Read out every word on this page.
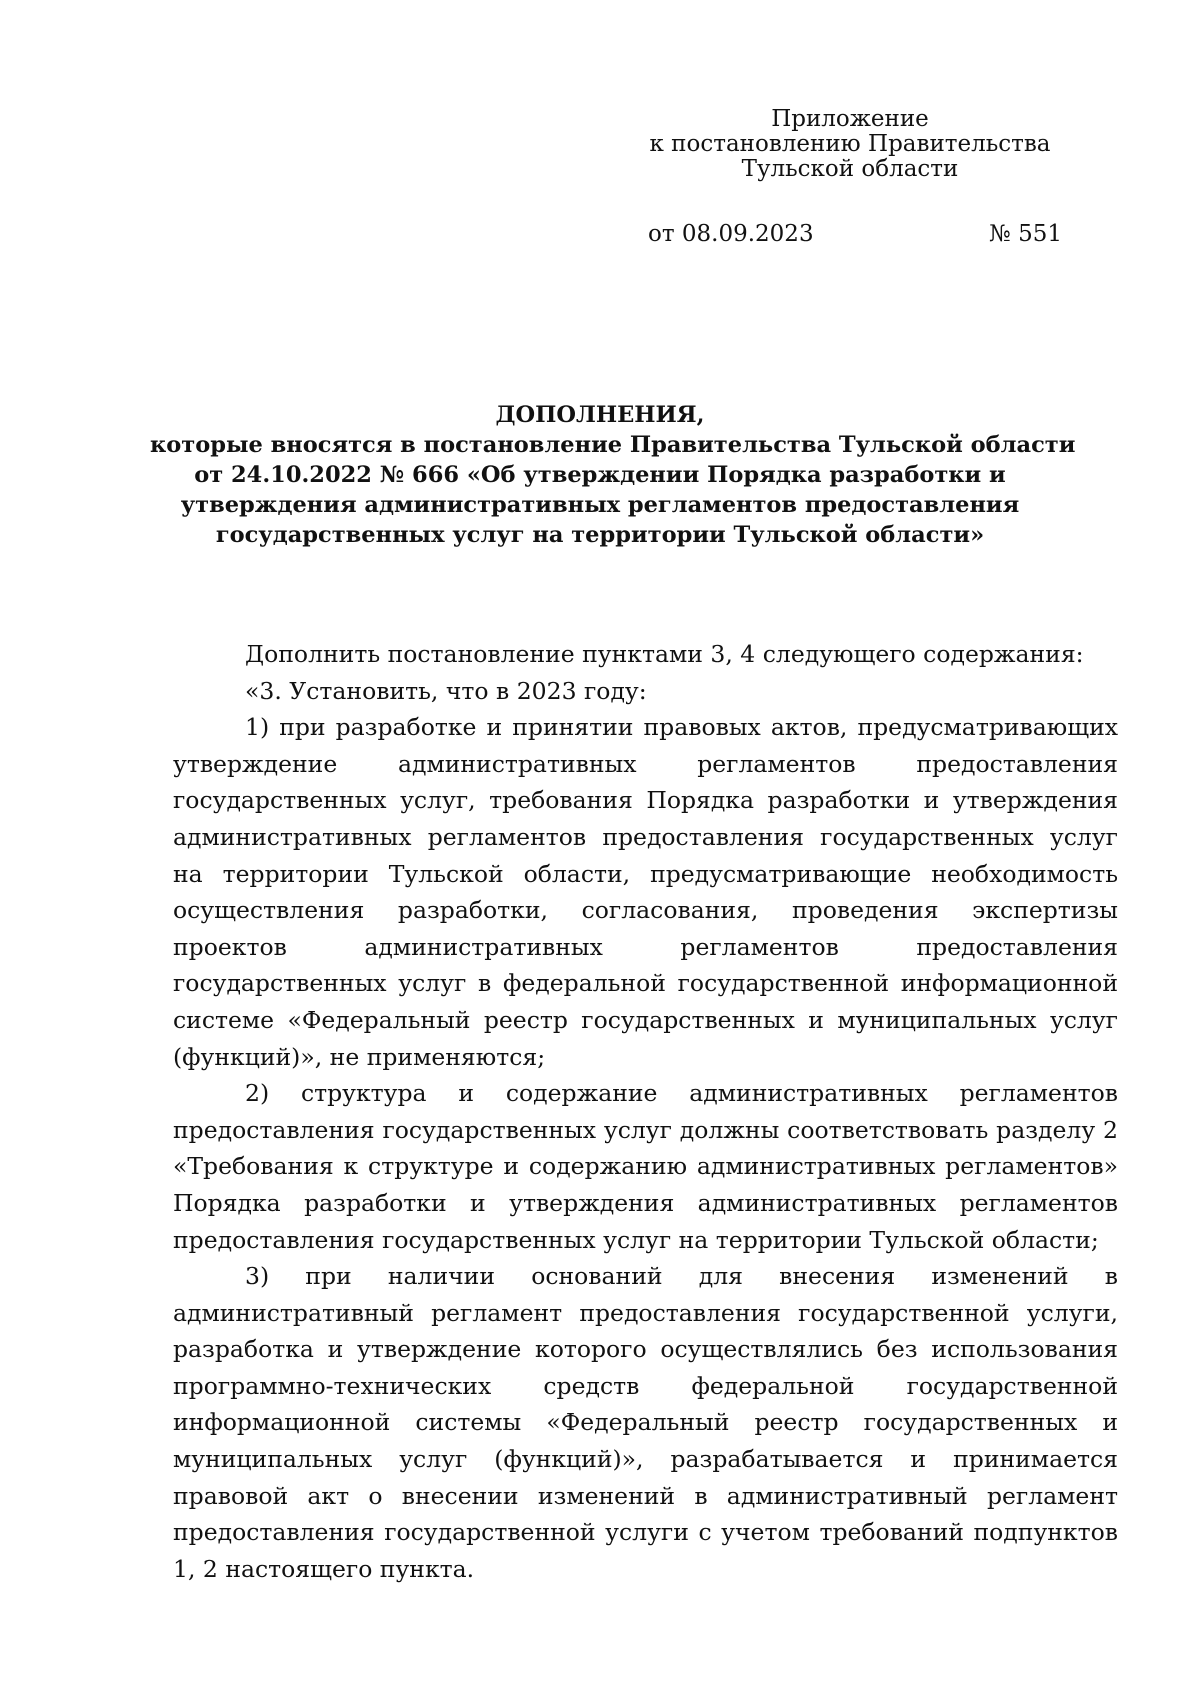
Приложение
к постановлению Правительства
Тульской области
от 08.09.2023	№ 551
ДОПОЛНЕНИЯ,
которые вносятся в постановление Правительства Тульской области
от 24.10.2022 № 666 «Об утверждении Порядка разработки и
утверждения административных регламентов предоставления
государственных услуг на территории Тульской области»

Дополнить постановление пунктами 3, 4 следующего содержания:

«3. Установить, что в 2023 году:

1) при разработке и принятии правовых актов, предусматривающих утверждение административных регламентов предоставления государственных услуг, требования Порядка разработки и утверждения административных регламентов предоставления государственных услуг на территории Тульской области, предусматривающие необходимость осуществления разработки, согласования, проведения экспертизы проектов административных регламентов предоставления государственных услуг в федеральной государственной информационной системе «Федеральный реестр государственных и муниципальных услуг (функций)», не применяются;

2) структура и содержание административных регламентов предоставления государственных услуг должны соответствовать разделу 2 «Требования к структуре и содержанию административных регламентов» Порядка разработки и утверждения административных регламентов предоставления государственных услуг на территории Тульской области;

3) при наличии оснований для внесения изменений в административный регламент предоставления государственной услуги, разработка и утверждение которого осуществлялись без использования программно-технических средств федеральной государственной информационной системы «Федеральный реестр государственных и муниципальных услуг (функций)», разрабатывается и принимается правовой акт о внесении изменений в административный регламент предоставления государственной услуги с учетом требований подпунктов 1, 2 настоящего пункта.
